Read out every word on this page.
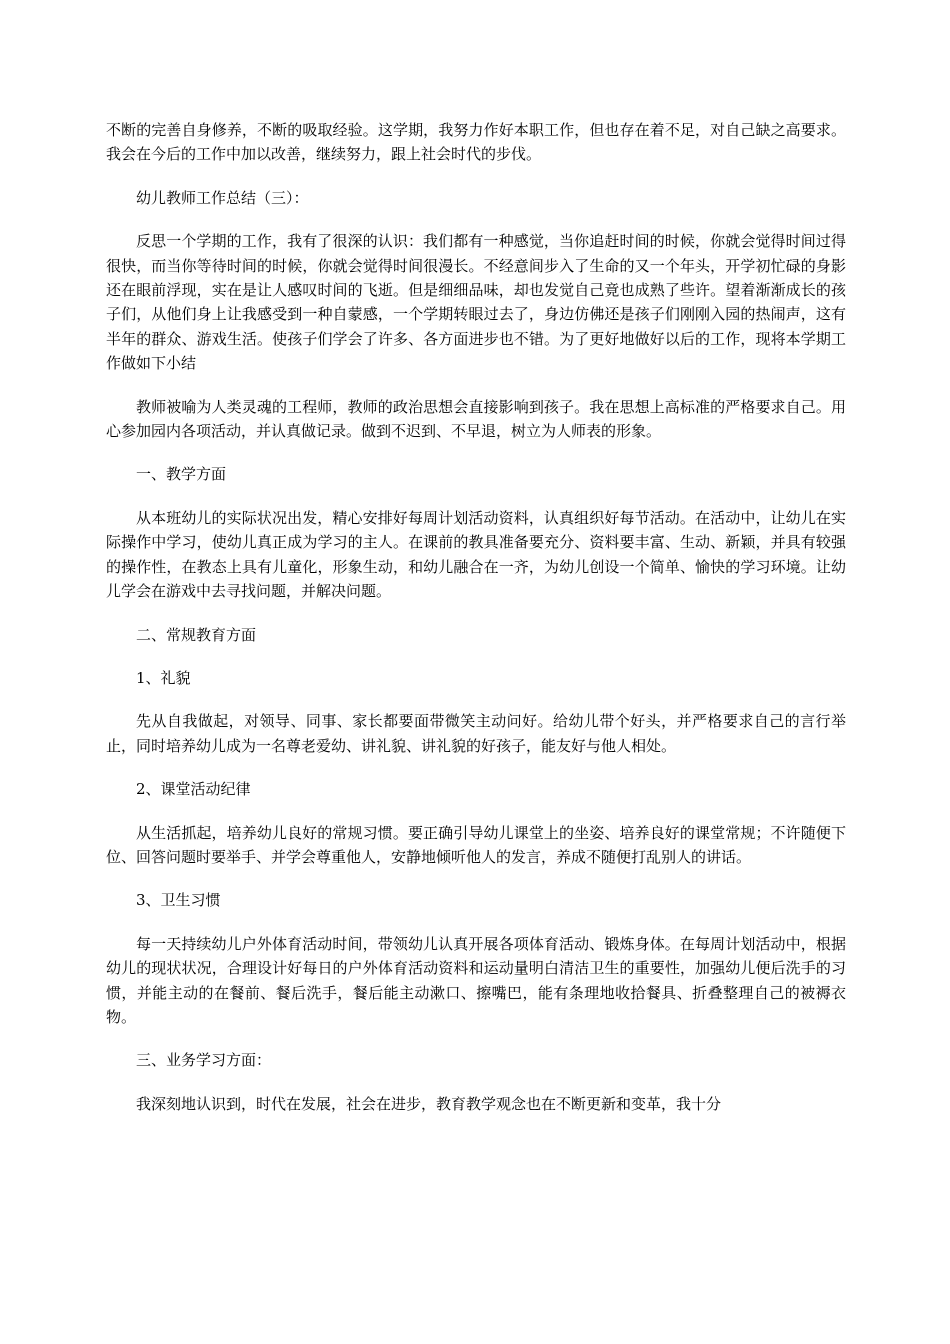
不断的完善自身修养，不断的吸取经验。这学期，我努力作好本职工作，但也存在着不足，对自己缺之高要求。我会在今后的工作中加以改善，继续努力，跟上社会时代的步伐。

幼儿教师工作总结（三）：

反思一个学期的工作，我有了很深的认识：我们都有一种感觉，当你追赶时间的时候，你就会觉得时间过得很快，而当你等待时间的时候，你就会觉得时间很漫长。不经意间步入了生命的又一个年头，开学初忙碌的身影还在眼前浮现，实在是让人感叹时间的飞逝。但是细细品味，却也发觉自己竟也成熟了些许。望着渐渐成长的孩子们，从他们身上让我感受到一种自蒙感，一个学期转眼过去了，身边仿佛还是孩子们刚刚入园的热闹声，这有半年的群众、游戏生活。使孩子们学会了许多、各方面进步也不错。为了更好地做好以后的工作，现将本学期工作做如下小结

教师被喻为人类灵魂的工程师，教师的政治思想会直接影响到孩子。我在思想上高标准的严格要求自己。用心参加园内各项活动，并认真做记录。做到不迟到、不早退，树立为人师表的形象。

一、教学方面

从本班幼儿的实际状况出发，精心安排好每周计划活动资料，认真组织好每节活动。在活动中，让幼儿在实际操作中学习，使幼儿真正成为学习的主人。在课前的教具准备要充分、资料要丰富、生动、新颖，并具有较强的操作性，在教态上具有儿童化，形象生动，和幼儿融合在一齐，为幼儿创设一个简单、愉快的学习环境。让幼儿学会在游戏中去寻找问题，并解决问题。

二、常规教育方面

1、礼貌

先从自我做起，对领导、同事、家长都要面带微笑主动问好。给幼儿带个好头，并严格要求自己的言行举止，同时培养幼儿成为一名尊老爱幼、讲礼貌、讲礼貌的好孩子，能友好与他人相处。

2、课堂活动纪律

从生活抓起，培养幼儿良好的常规习惯。要正确引导幼儿课堂上的坐姿、培养良好的课堂常规；不许随便下位、回答问题时要举手、并学会尊重他人，安静地倾听他人的发言，养成不随便打乱别人的讲话。

3、卫生习惯

每一天持续幼儿户外体育活动时间，带领幼儿认真开展各项体育活动、锻炼身体。在每周计划活动中，根据幼儿的现状状况，合理设计好每日的户外体育活动资料和运动量明白清洁卫生的重要性，加强幼儿便后洗手的习惯，并能主动的在餐前、餐后洗手，餐后能主动漱口、擦嘴巴，能有条理地收拾餐具、折叠整理自己的被褥衣物。

三、业务学习方面：

我深刻地认识到，时代在发展，社会在进步，教育教学观念也在不断更新和变革，我十分
